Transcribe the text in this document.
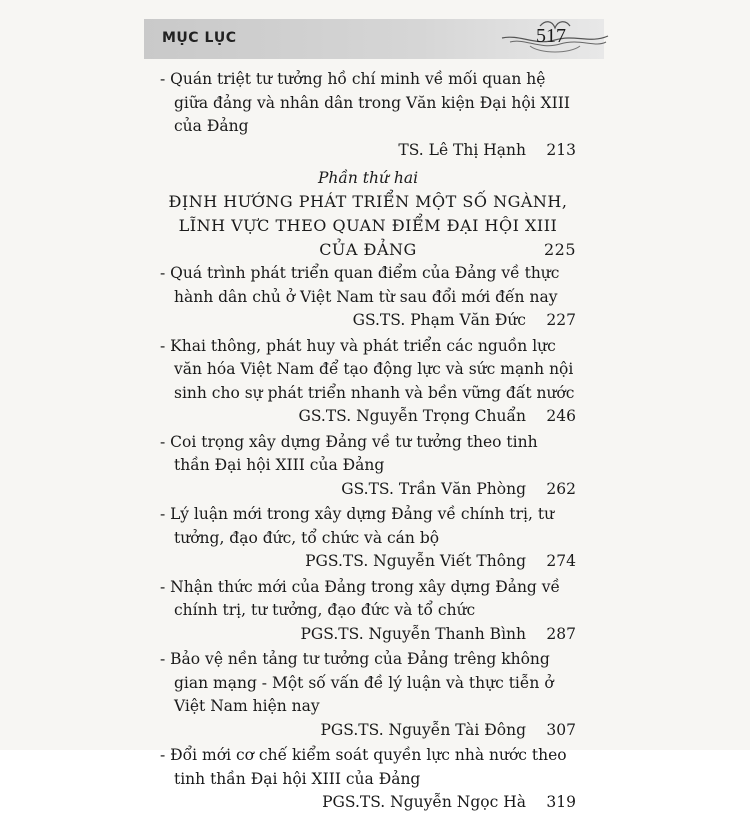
MỤC LỤC	517
- Quán triệt tư tưởng hồ chí minh về mối quan hệ giữa đảng và nhân dân trong Văn kiện Đại hội XIII của Đảng
TS. Lê Thị Hạnh 213
Phần thứ hai
ĐỊNH HƯỚNG PHÁT TRIỂN MỘT SỐ NGÀNH,
LĨNH VỰC THEO QUAN ĐIỂM ĐẠI HỘI XIII
CỦA ĐẢNG	225
- Quá trình phát triển quan điểm của Đảng về thực hành dân chủ ở Việt Nam từ sau đổi mới đến nay
GS.TS. Phạm Văn Đức 227
- Khai thông, phát huy và phát triển các nguồn lực văn hóa Việt Nam để tạo động lực và sức mạnh nội sinh cho sự phát triển nhanh và bền vững đất nước
GS.TS. Nguyễn Trọng Chuẩn 246
- Coi trọng xây dựng Đảng về tư tưởng theo tinh thần Đại hội XIII của Đảng
GS.TS. Trần Văn Phòng 262
- Lý luận mới trong xây dựng Đảng về chính trị, tư tưởng, đạo đức, tổ chức và cán bộ
PGS.TS. Nguyễn Viết Thông 274
- Nhận thức mới của Đảng trong xây dựng Đảng về chính trị, tư tưởng, đạo đức và tổ chức
PGS.TS. Nguyễn Thanh Bình 287
- Bảo vệ nền tảng tư tưởng của Đảng trêng không gian mạng - Một số vấn đề lý luận và thực tiễn ở Việt Nam hiện nay
PGS.TS. Nguyễn Tài Đông 307
- Đổi mới cơ chế kiểm soát quyền lực nhà nước theo tinh thần Đại hội XIII của Đảng
PGS.TS. Nguyễn Ngọc Hà 319
